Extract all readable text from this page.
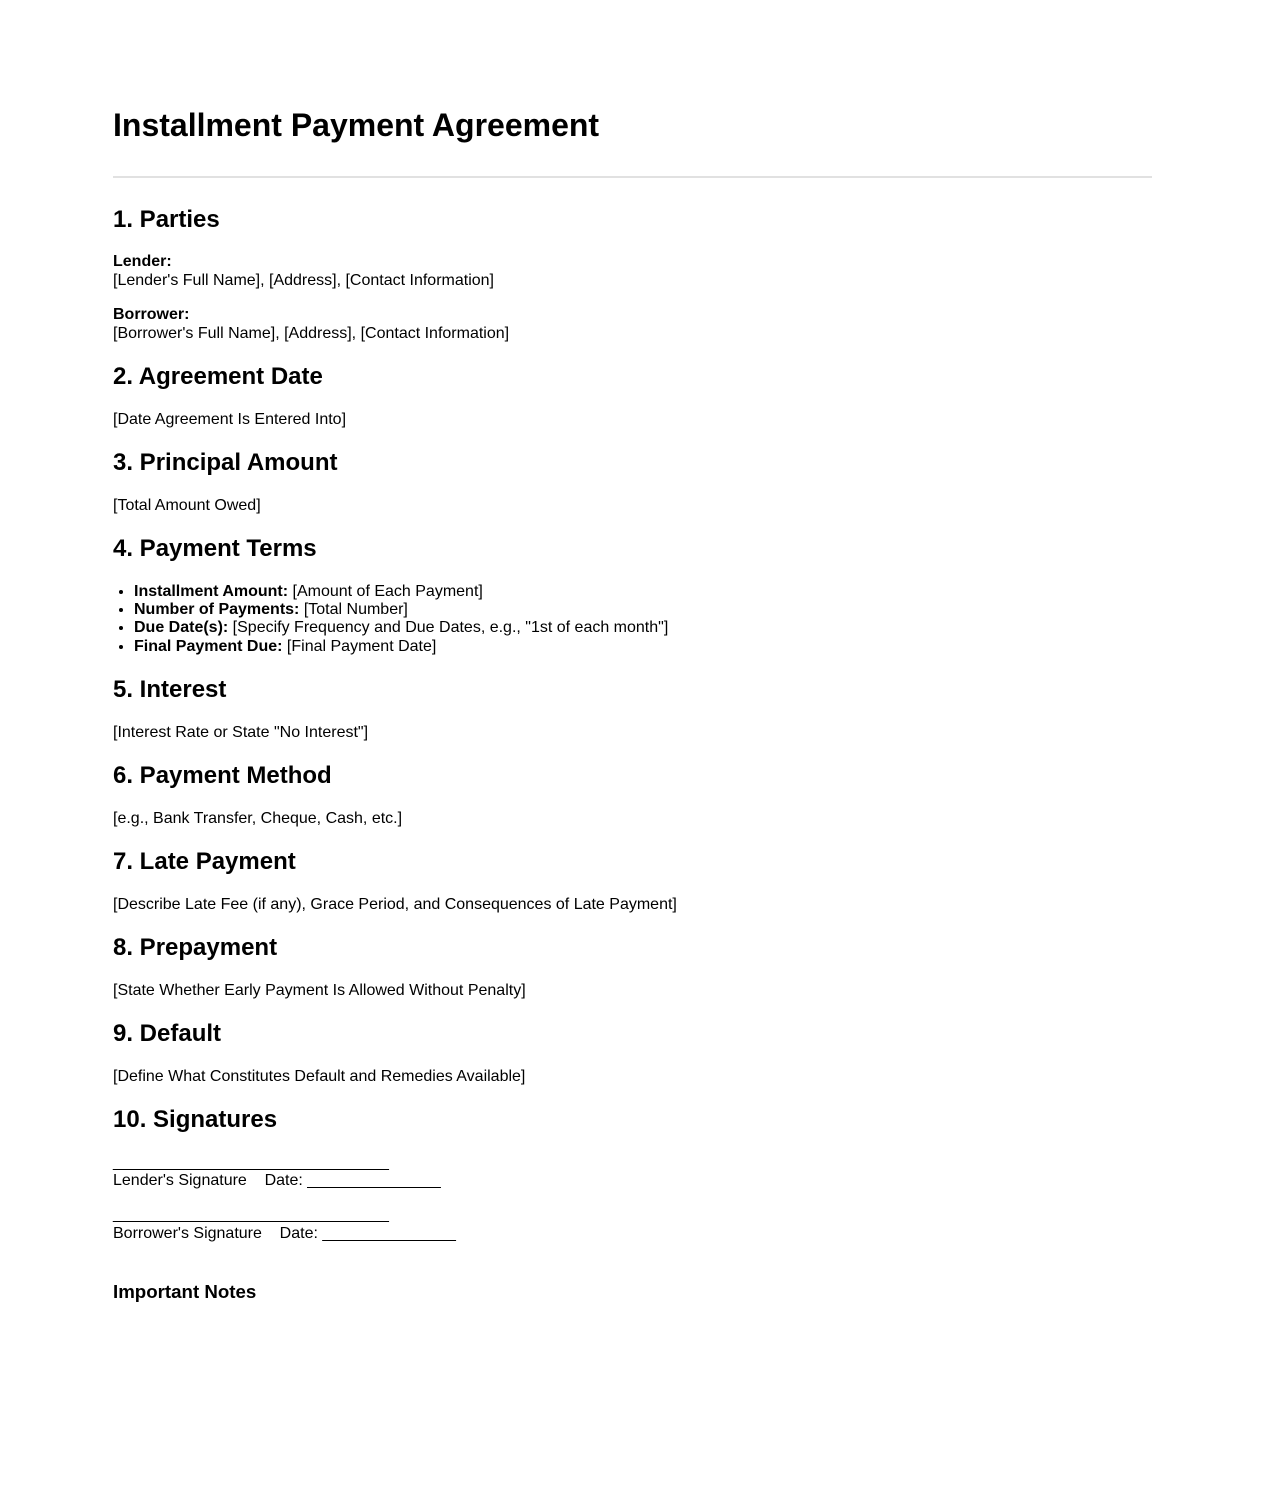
Installment Payment Agreement
1. Parties

Lender:
[Lender's Full Name], [Address], [Contact Information]

Borrower:
[Borrower's Full Name], [Address], [Contact Information]

2. Agreement Date

[Date Agreement Is Entered Into]

3. Principal Amount

[Total Amount Owed]

4. Payment Terms
• Installment Amount: [Amount of Each Payment]
• Number of Payments: [Total Number]
• Due Date(s): [Specify Frequency and Due Dates, e.g., "1st of each month"]
• Final Payment Due: [Final Payment Date]
5. Interest

[Interest Rate or State "No Interest"]

6. Payment Method

[e.g., Bank Transfer, Cheque, Cash, etc.]

7. Late Payment

[Describe Late Fee (if any), Grace Period, and Consequences of Late Payment]

8. Prepayment

[State Whether Early Payment Is Allowed Without Penalty]

9. Default

[Define What Constitutes Default and Remedies Available]

10. Signatures

_______________________________
Lender's Signature    Date: _______________

_______________________________
Borrower's Signature    Date: _______________

Important Notes
